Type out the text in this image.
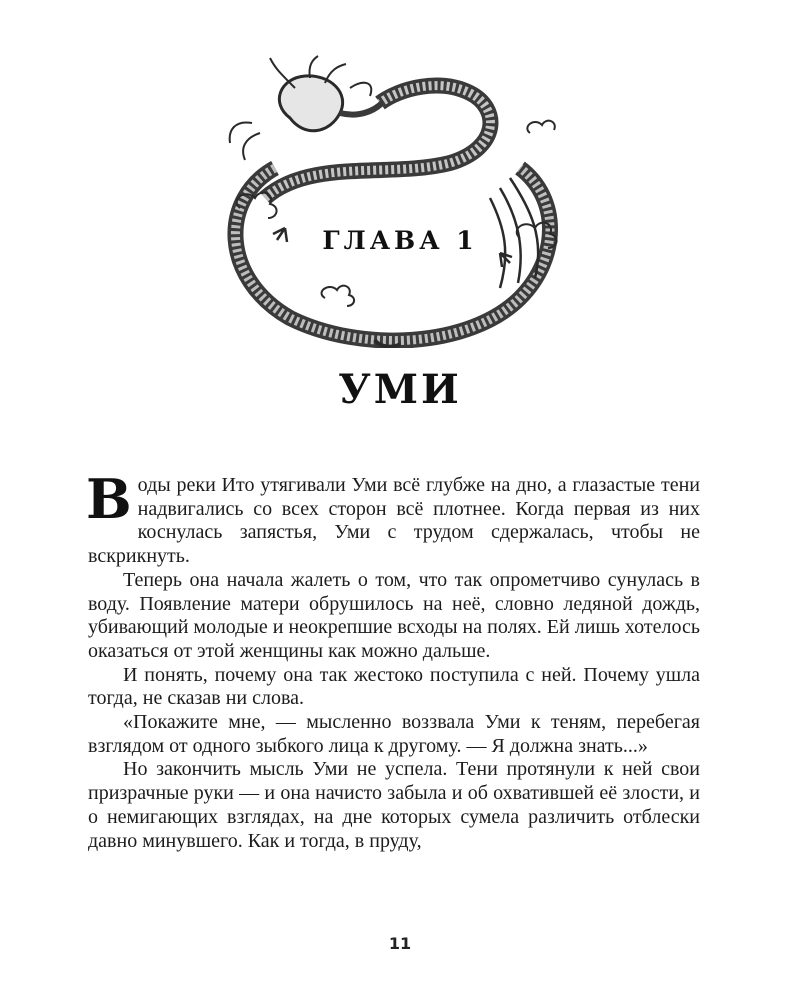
ГЛАВА 1
УМИ

Воды реки Ито утягивали Уми всё глубже на дно, а глазастые тени надвигались со всех сторон всё плотнее. Когда первая из них коснулась запястья, Уми с трудом сдержалась, чтобы не вскрикнуть.

Теперь она начала жалеть о том, что так опрометчиво сунулась в воду. Появление матери обрушилось на неё, словно ледяной дождь, убивающий молодые и неокрепшие всходы на полях. Ей лишь хотелось оказаться от этой женщины как можно дальше.

И понять, почему она так жестоко поступила с ней. Почему ушла тогда, не сказав ни слова.

«Покажите мне, — мысленно воззвала Уми к теням, перебегая взглядом от одного зыбкого лица к другому. — Я должна знать...»

Но закончить мысль Уми не успела. Тени протянули к ней свои призрачные руки — и она начисто забыла и об охватившей её злости, и о немигающих взглядах, на дне которых сумела различить отблески давно минувшего. Как и тогда, в пруду,

11
